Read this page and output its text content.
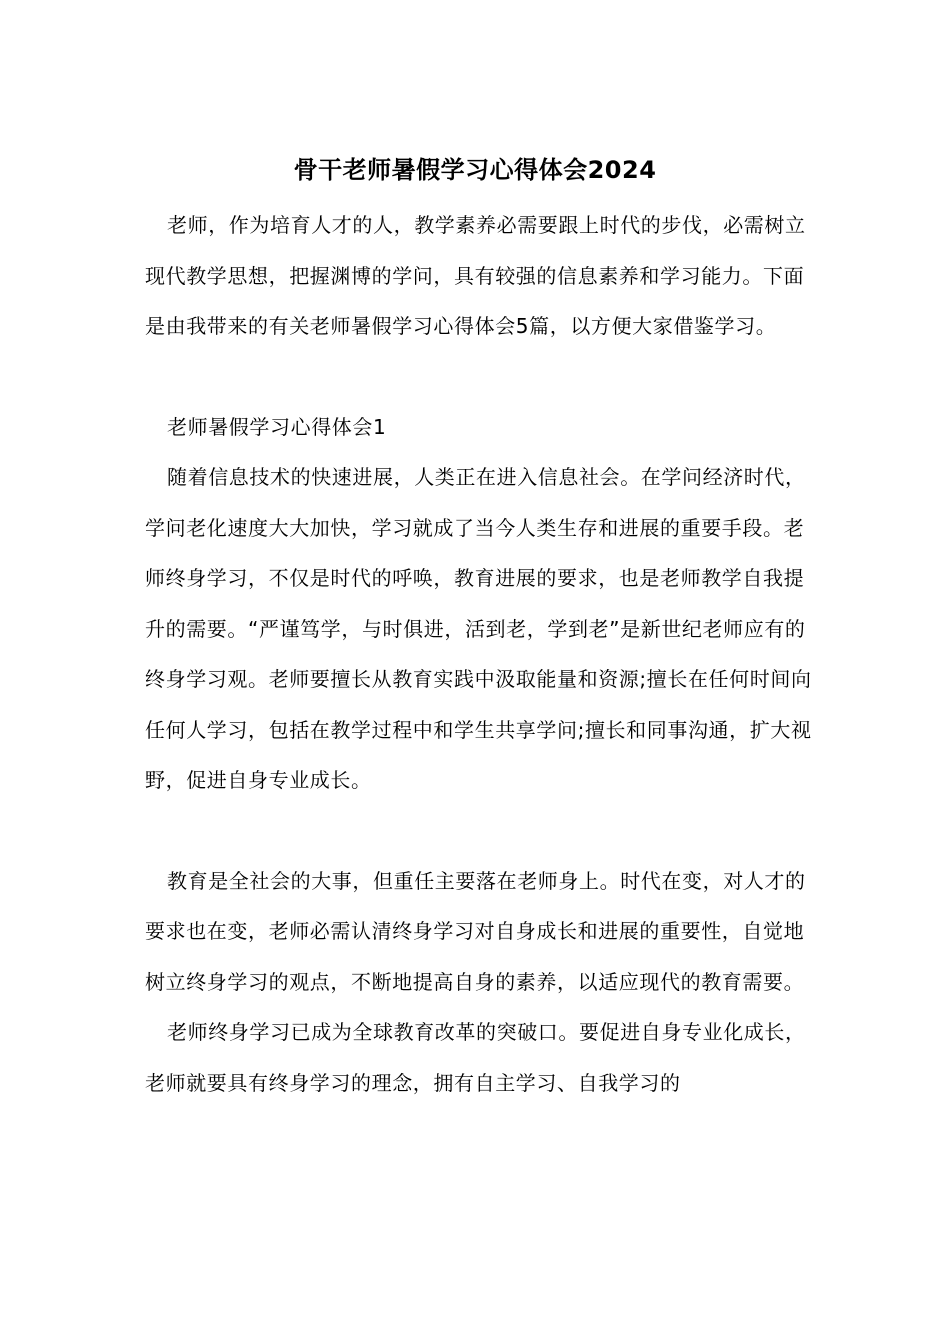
骨干老师暑假学习心得体会2024

老师，作为培育人才的人，教学素养必需要跟上时代的步伐，必需树立现代教学思想，把握渊博的学问，具有较强的信息素养和学习能力。下面是由我带来的有关老师暑假学习心得体会5篇，以方便大家借鉴学习。

老师暑假学习心得体会1

随着信息技术的快速进展，人类正在进入信息社会。在学问经济时代，学问老化速度大大加快，学习就成了当今人类生存和进展的重要手段。老师终身学习，不仅是时代的呼唤，教育进展的要求，也是老师教学自我提升的需要。“严谨笃学，与时俱进，活到老，学到老”是新世纪老师应有的终身学习观。老师要擅长从教育实践中汲取能量和资源;擅长在任何时间向任何人学习，包括在教学过程中和学生共享学问;擅长和同事沟通，扩大视野，促进自身专业成长。

教育是全社会的大事，但重任主要落在老师身上。时代在变，对人才的要求也在变，老师必需认清终身学习对自身成长和进展的重要性，自觉地树立终身学习的观点，不断地提高自身的素养，以适应现代的教育需要。

老师终身学习已成为全球教育改革的突破口。要促进自身专业化成长，老师就要具有终身学习的理念，拥有自主学习、自我学习的
